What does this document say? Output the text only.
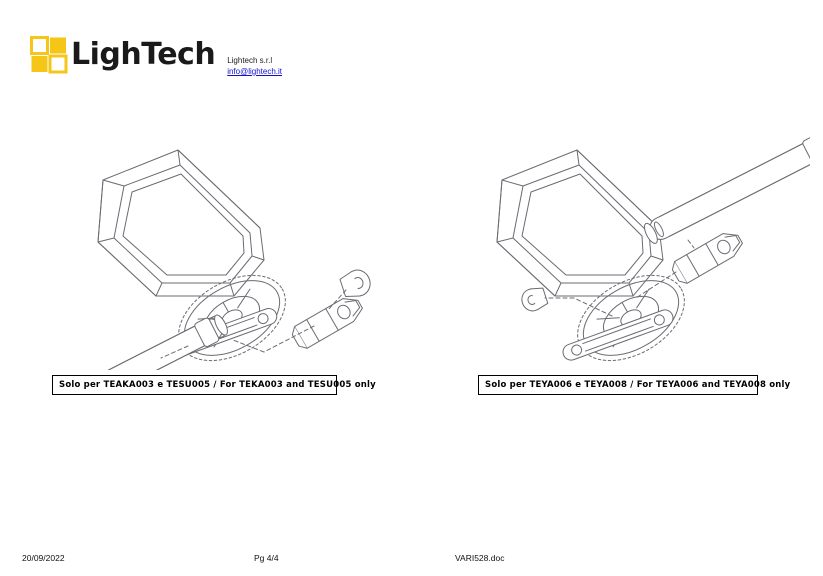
LighTech Lightech s.r.l
info@lightech.it
Solo per TEAKA003 e TESU005 / For TEKA003 and TESU005 only	Solo per TEYA006 e TEYA008 / For TEYA006 and TEYA008 only
20/09/2022	Pg 4/4	VARI528.doc
